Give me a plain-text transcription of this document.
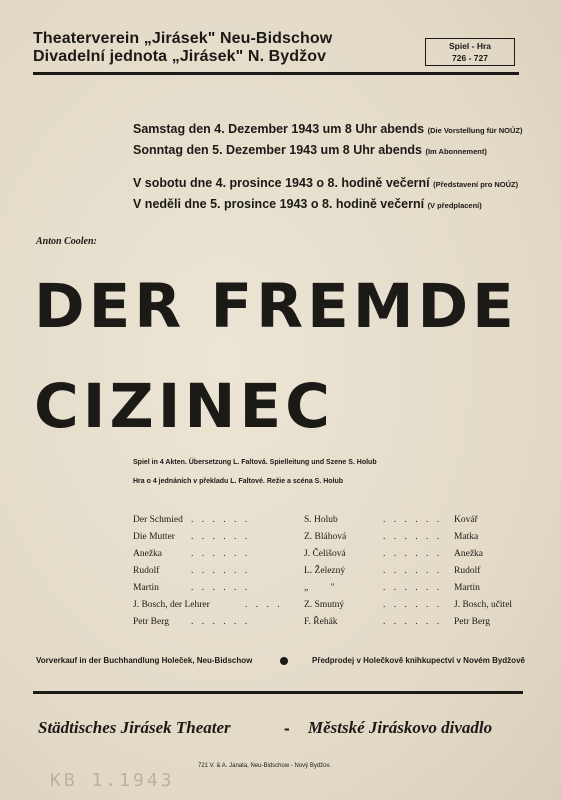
Theaterverein „Jirásek" Neu-Bidschow
Divadelní jednota „Jirásek" N. Bydžov
Spiel - Hra
726 - 727
Samstag den 4. Dezember 1943 um 8 Uhr abends (Die Vorstellung für NOÚZ)
Sonntag den 5. Dezember 1943 um 8 Uhr abends (Im Abonnement)
V sobotu dne 4. prosince 1943 o 8. hodině večerní (Představení pro NOÚZ)
V neděli dne 5. prosince 1943 o 8. hodině večerní (V předplacení)
Anton Coolen:
DER FREMDE
CIZINEC
Spiel in 4 Akten. Übersetzung L. Faltová. Spielleitung und Szene S. Holub
Hra o 4 jednáních v překladu L. Faltové. Režie a scéna S. Holub
Der Schmied . . . . . .	S. Holub	. . . . . . Kovář
Die Mutter . . . . . .	Z. Bláhová	. . . . . . Matka
Anežka	. . . . . .	J. Čelišová	. . . . . . Anežka
Rudolf	. . . . . .	L. Železný	. . . . . . Rudolf
Martin	. . . . . .	„ "	. . . . . . Martin
J. Bosch, der Lehrer	. . . . Z. Smutný	. . . . . . J. Bosch, učitel
Petr Berg . . . . . .	F. Řehák	. . . . . . Petr Berg
Vorverkauf in der Buchhandlung Holeček, Neu-Bidschow	Předprodej v Holečkově knihkupectví v Novém Bydžově
Städtisches Jirásek Theater	- Městské Jiráskovo divadlo
KB 1.1943
721 V. & A. Janata, Neu-Bidschow - Nový Bydžov.
